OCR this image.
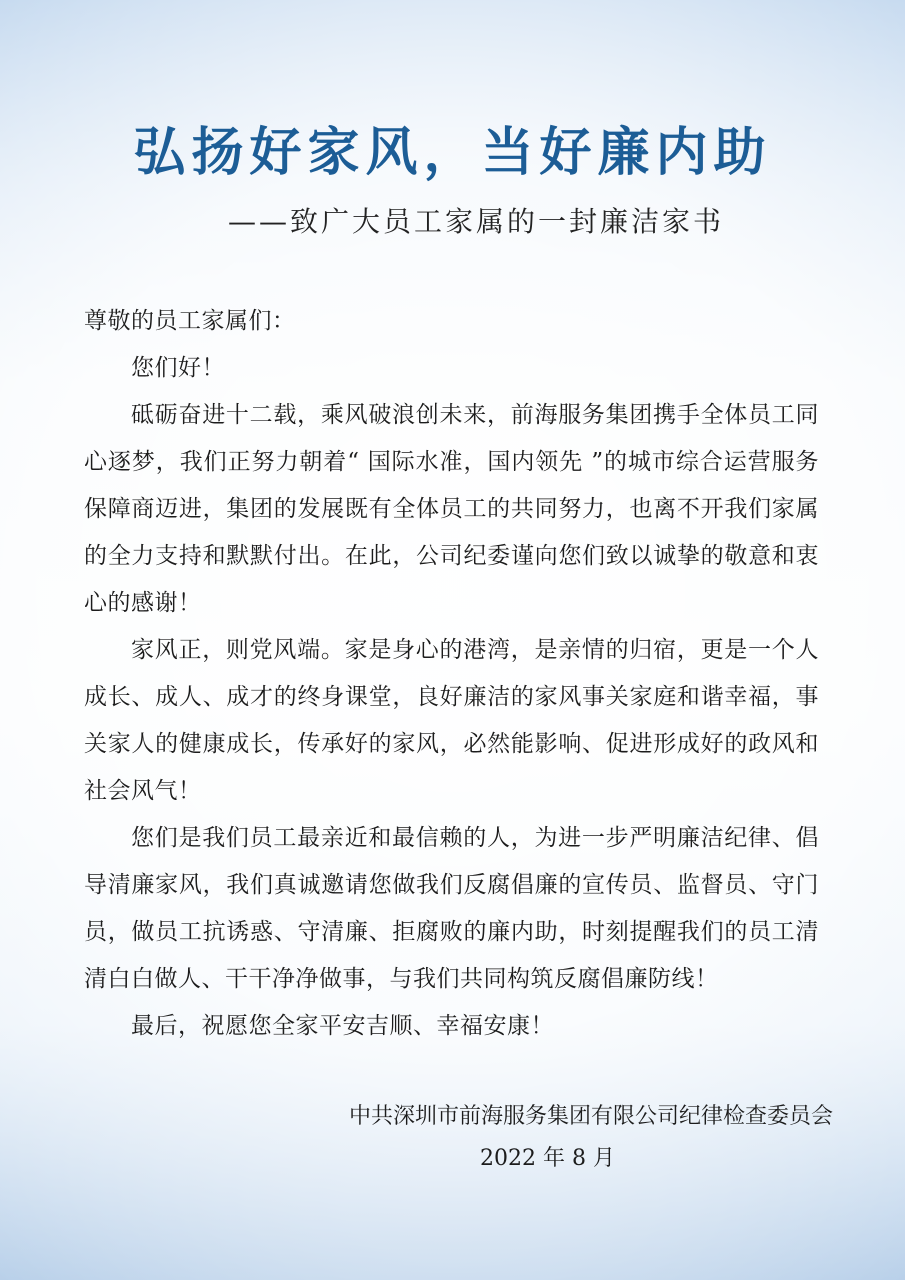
弘扬好家风，当好廉内助
——致广大员工家属的一封廉洁家书

尊敬的员工家属们：

您们好！

砥砺奋进十二载，乘风破浪创未来，前海服务集团携手全体员工同心逐梦，我们正努力朝着“ 国际水准，国内领先 ”的城市综合运营服务保障商迈进，集团的发展既有全体员工的共同努力，也离不开我们家属的全力支持和默默付出。在此，公司纪委谨向您们致以诚挚的敬意和衷心的感谢！

家风正，则党风端。家是身心的港湾，是亲情的归宿，更是一个人成长、成人、成才的终身课堂，良好廉洁的家风事关家庭和谐幸福，事关家人的健康成长，传承好的家风，必然能影响、促进形成好的政风和社会风气！

您们是我们员工最亲近和最信赖的人，为进一步严明廉洁纪律、倡导清廉家风，我们真诚邀请您做我们反腐倡廉的宣传员、监督员、守门员，做员工抗诱惑、守清廉、拒腐败的廉内助，时刻提醒我们的员工清清白白做人、干干净净做事，与我们共同构筑反腐倡廉防线！

最后，祝愿您全家平安吉顺、幸福安康！

中共深圳市前海服务集团有限公司纪律检查委员会
2022 年 8 月
